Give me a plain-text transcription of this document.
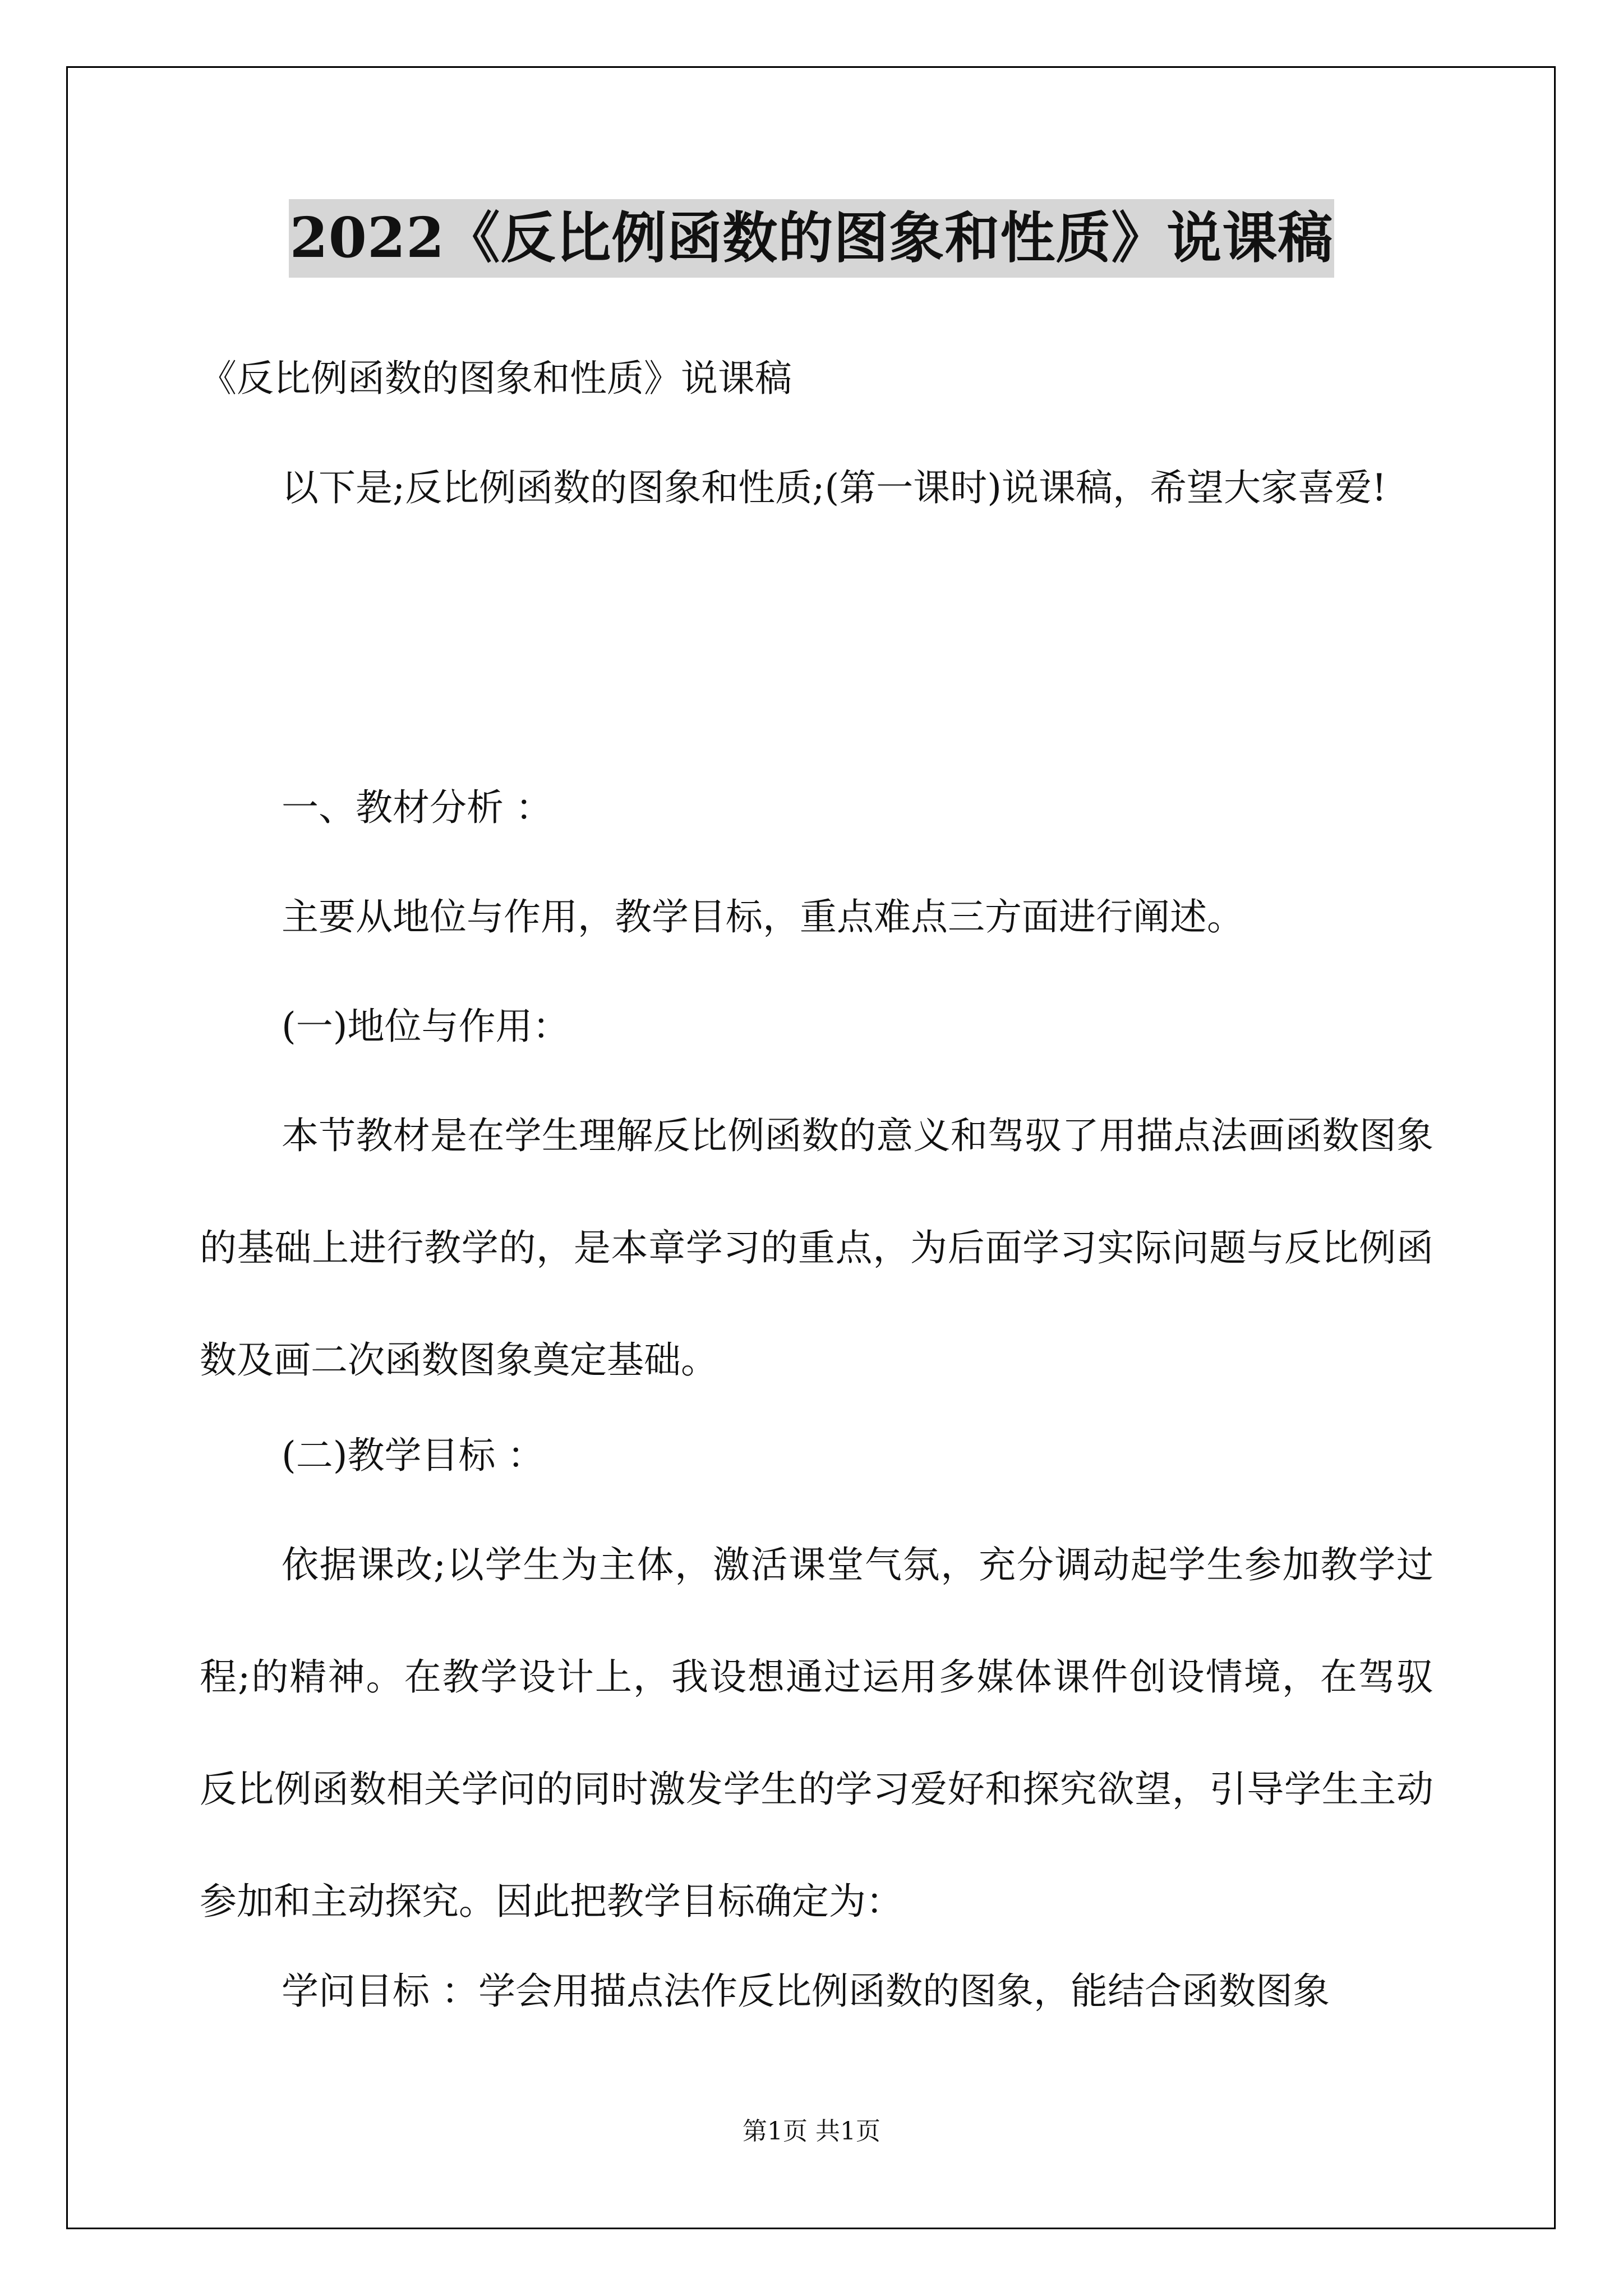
2022《反比例函数的图象和性质》说课稿

《反比例函数的图象和性质》说课稿

以下是;反比例函数的图象和性质;(第一课时)说课稿，希望大家喜爱!

一、教材分析 ：

主要从地位与作用，教学目标，重点难点三方面进行阐述。

(一)地位与作用：

本节教材是在学生理解反比例函数的意义和驾驭了用描点法画函数图象的基础上进行教学的，是本章学习的重点，为后面学习实际问题与反比例函数及画二次函数图象奠定基础。

(二)教学目标 ：

依据课改;以学生为主体，激活课堂气氛，充分调动起学生参加教学过程;的精神。在教学设计上，我设想通过运用多媒体课件创设情境，在驾驭反比例函数相关学问的同时激发学生的学习爱好和探究欲望，引导学生主动参加和主动探究。因此把教学目标确定为：

学问目标 ：学会用描点法作反比例函数的图象，能结合函数图象

第1页 共1页
